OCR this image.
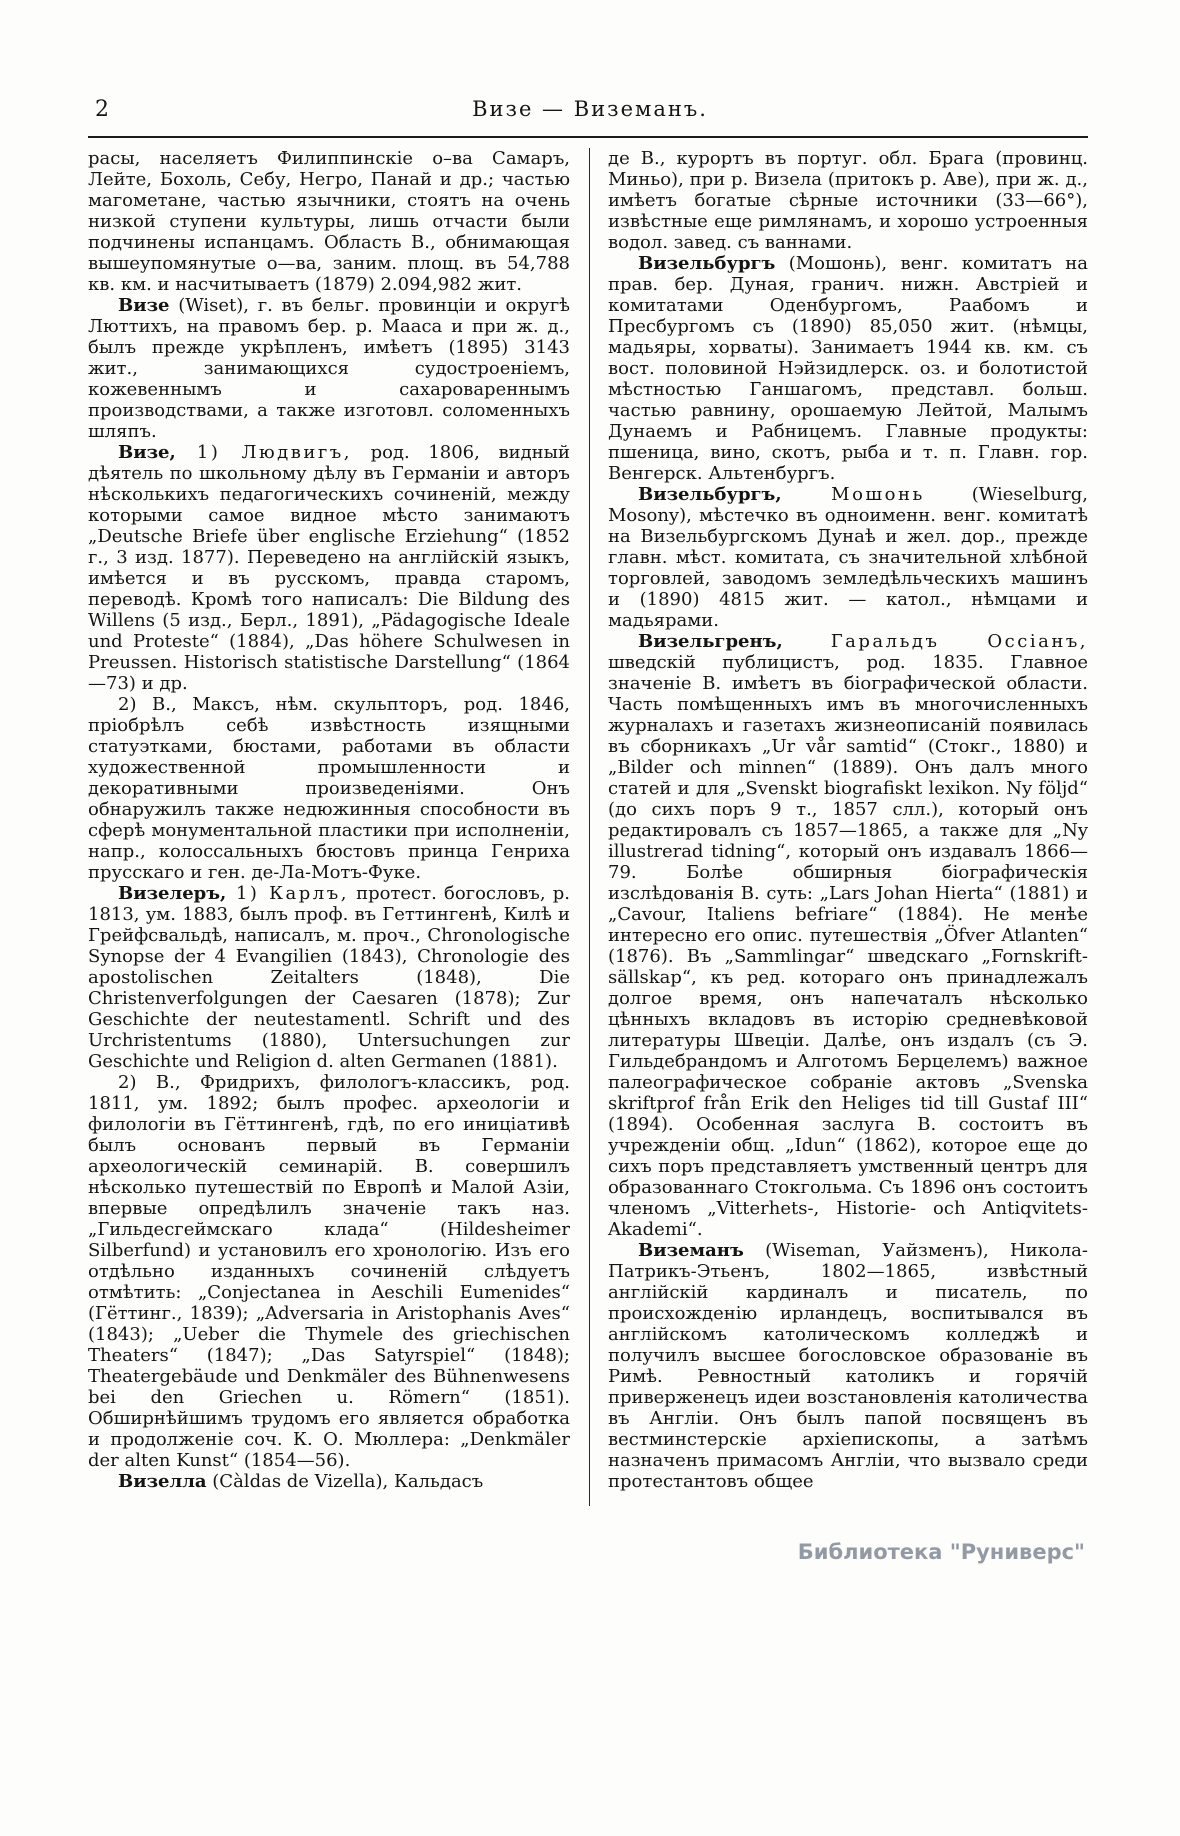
2	Визе — Виземанъ.

расы, населяетъ Филиппинскіе о–ва Самаръ, Лейте, Бохоль, Себу, Негро, Панай и др.; частью магометане, частью язычники, стоятъ на очень низкой ступени культуры, лишь отчасти были подчинены испанцамъ. Область В., обнимающая вышеупомянутые о—ва, заним. площ. въ 54,788 кв. км. и насчитываетъ (1879) 2.094,982 жит.

Визе (Wiset), г. въ бельг. провинціи и округѣ Люттихъ, на правомъ бер. р. Мааса и при ж. д., былъ прежде укрѣпленъ, имѣетъ (1895) 3143 жит., занимающихся судостроеніемъ, кожевеннымъ и сахаровареннымъ производствами, а также изготовл. соломенныхъ шляпъ.

Визе, 1) Людвигъ, род. 1806, видный дѣятель по школьному дѣлу въ Германіи и авторъ нѣсколькихъ педагогическихъ сочиненій, между которыми самое видное мѣсто занимаютъ „Deutsche Briefe über englische Erziehung“ (1852 г., 3 изд. 1877). Переведено на англійскій языкъ, имѣется и въ русскомъ, правда старомъ, переводѣ. Кромѣ того написалъ: Die Bildung des Willens (5 изд., Берл., 1891), „Pädagogische Ideale und Proteste“ (1884), „Das höhere Schulwesen in Preussen. Historisch statistische Darstellung“ (1864—73) и др.

2) В., Максъ, нѣм. скульпторъ, род. 1846, пріобрѣлъ себѣ извѣстность изящными статуэтками, бюстами, работами въ области художественной промышленности и декоративными произведеніями. Онъ обнаружилъ также недюжинныя способности въ сферѣ монументальной пластики при исполненіи, напр., колоссальныхъ бюстовъ принца Генриха прусскаго и ген. де-Ла-Мотъ-Фуке.

Визелеръ, 1) Карлъ, протест. богословъ, р. 1813, ум. 1883, былъ проф. въ Геттингенѣ, Килѣ и Грейфсвальдѣ, написалъ, м. проч., Chronologische Synopse der 4 Evangilien (1843), Chronologie des apostolischen Zeitalters (1848), Die Christenverfolgungen der Caesaren (1878); Zur Geschichte der neutestamentl. Schrift und des Urchristentums (1880), Untersuchungen zur Geschichte und Religion d. alten Germanen (1881).

2) В., Фридрихъ, филологъ-классикъ, род. 1811, ум. 1892; былъ профес. археологіи и филологіи въ Гёттингенѣ, гдѣ, по его иниціативѣ былъ основанъ первый въ Германіи археологическій семинарій. В. совершилъ нѣсколько путешествій по Европѣ и Малой Азіи, впервые опредѣлилъ значеніе такъ наз. „Гильдесгеймскаго клада“ (Hildesheimer Silberfund) и установилъ его хронологію. Изъ его отдѣльно изданныхъ сочиненій слѣдуетъ отмѣтить: „Conjectanea in Aeschili Eumenides“ (Гёттинг., 1839); „Adversaria in Aristophanis Aves“ (1843); „Ueber die Thymele des griechischen Theaters“ (1847); „Das Satyrspiel“ (1848); Theatergebäude und Denkmäler des Bühnenwesens bei den Griechen u. Römern“ (1851). Обширнѣйшимъ трудомъ его является обработка и продолженіе соч. К. О. Мюллера: „Denkmäler der alten Kunst“ (1854—56).

Визелла (Càldas de Vizella), Кальдасъ

де В., курортъ въ португ. обл. Брага (провинц. Миньо), при р. Визела (притокъ р. Аве), при ж. д., имѣетъ богатые сѣрные источники (33—66°), извѣстные еще римлянамъ, и хорошо устроенныя водол. завед. съ ваннами.

Визельбургъ (Мошонь), венг. комитатъ на прав. бер. Дуная, гранич. нижн. Австріей и комитатами Оденбургомъ, Раабомъ и Пресбургомъ съ (1890) 85,050 жит. (нѣмцы, мадьяры, хорваты). Занимаетъ 1944 кв. км. съ вост. половиной Нэйзидлерск. оз. и болотистой мѣстностью Ганшагомъ, представл. больш. частью равнину, орошаемую Лейтой, Малымъ Дунаемъ и Рабницемъ. Главные продукты: пшеница, вино, скотъ, рыба и т. п. Главн. гор. Венгерск. Альтенбургъ.

Визельбургъ, Мошонь (Wieselburg, Mosony), мѣстечко въ одноименн. венг. комитатѣ на Визельбургскомъ Дунаѣ и жел. дор., прежде главн. мѣст. комитата, съ значительной хлѣбной торговлей, заводомъ земледѣльческихъ машинъ и (1890) 4815 жит. — катол., нѣмцами и мадьярами.

Визельгренъ, Гаральдъ Оссіанъ, шведскій публицистъ, род. 1835. Главное значеніе В. имѣетъ въ біографической области. Часть помѣщенныхъ имъ въ многочисленныхъ журналахъ и газетахъ жизнеописаній появилась въ сборникахъ „Ur vår samtid“ (Стокг., 1880) и „Bilder och minnen“ (1889). Онъ далъ много статей и для „Svenskt biografiskt lexikon. Ny följd“ (до сихъ поръ 9 т., 1857 слл.), который онъ редактировалъ съ 1857—1865, а также для „Ny illustrerad tidning“, который онъ издавалъ 1866—79. Болѣе обширныя біографическія изслѣдованія В. суть: „Lars Johan Hierta“ (1881) и „Cavour, Italiens befriare“ (1884). Не менѣе интересно его опис. путешествія „Öfver Atlanten“ (1876). Въ „Sammlingar“ шведскаго „Fornskrift-sällskap“, къ ред. котораго онъ принадлежалъ долгое время, онъ напечаталъ нѣсколько цѣнныхъ вкладовъ въ исторію средневѣковой литературы Швеціи. Далѣе, онъ издалъ (съ Э. Гильдебрандомъ и Алготомъ Берцелемъ) важное палеографическое собраніе актовъ „Svenska skriftprof från Erik den Heliges tid till Gustaf III“ (1894). Особенная заслуга В. состоитъ въ учрежденіи общ. „Idun“ (1862), которое еще до сихъ поръ представляетъ умственный центръ для образованнаго Стокгольма. Съ 1896 онъ состоитъ членомъ „Vitterhets-, Historie- och Antiqvitets-Akademi“.

Виземанъ (Wiseman, Уайзменъ), Никола-Патрикъ-Этьенъ, 1802—1865, извѣстный англійскій кардиналъ и писатель, по происхожденію ирландецъ, воспитывался въ англійскомъ католическомъ колледжѣ и получилъ высшее богословское образованіе въ Римѣ. Ревностный католикъ и горячій приверженецъ идеи возстановленія католичества въ Англіи. Онъ былъ папой посвященъ въ вестминстерскіе архіепископы, а затѣмъ назначенъ примасомъ Англіи, что вызвало среди протестантовъ общее

Библиотека "Руниверс"
